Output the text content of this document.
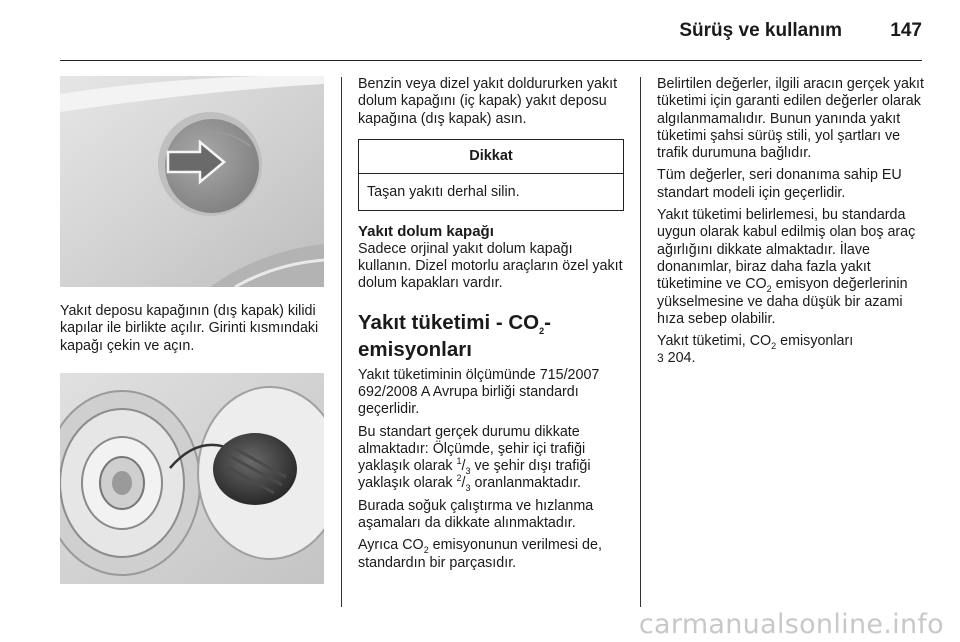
Sürüş ve kullanım	147

Yakıt deposu kapağının (dış kapak) kilidi kapılar ile birlikte açılır. Girinti kısmındaki kapağı çekin ve açın.

Benzin veya dizel yakıt doldururken yakıt dolum kapağını (iç kapak) yakıt deposu kapağına (dış kapak) asın.

Dikkat
Taşan yakıtı derhal silin.
Yakıt dolum kapağı

Sadece orjinal yakıt dolum kapağı kullanın. Dizel motorlu araçların özel yakıt dolum kapakları vardır.

Yakıt tüketimi - $CO_2-$
emisyonları

Yakıt tüketiminin ölçümünde 715/2007 692/2008 A Avrupa birliği standardı geçerlidir.

Bu standart gerçek durumu dikkate almaktadır: Ölçümde, şehir içi trafiği yaklaşık olarak $^1/_3$ ve şehir dışı trafiği yaklaşık olarak $^2/_3$ oranlanmaktadır.

Burada soğuk çalıştırma ve hızlanma aşamaları da dikkate alınmaktadır.

Ayrıca $CO_2$ emisyonunun verilmesi de, standardın bir parçasıdır.

Belirtilen değerler, ilgili aracın gerçek yakıt tüketimi için garanti edilen değerler olarak algılanmamalıdır. Bunun yanında yakıt tüketimi şahsi sürüş stili, yol şartları ve trafik durumuna bağlıdır.

Tüm değerler, seri donanıma sahip EU standart modeli için geçerlidir.

Yakıt tüketimi belirlemesi, bu standarda uygun olarak kabul edilmiş olan boş araç ağırlığını dikkate almaktadır. İlave donanımlar, biraz daha fazla yakıt tüketimine ve $CO_2$ emisyon değerlerinin yükselmesine ve daha düşük bir azami hıza sebep olabilir.

Yakıt tüketimi, $CO_2$ emisyonları
3 204.

carmanualsonline.info
